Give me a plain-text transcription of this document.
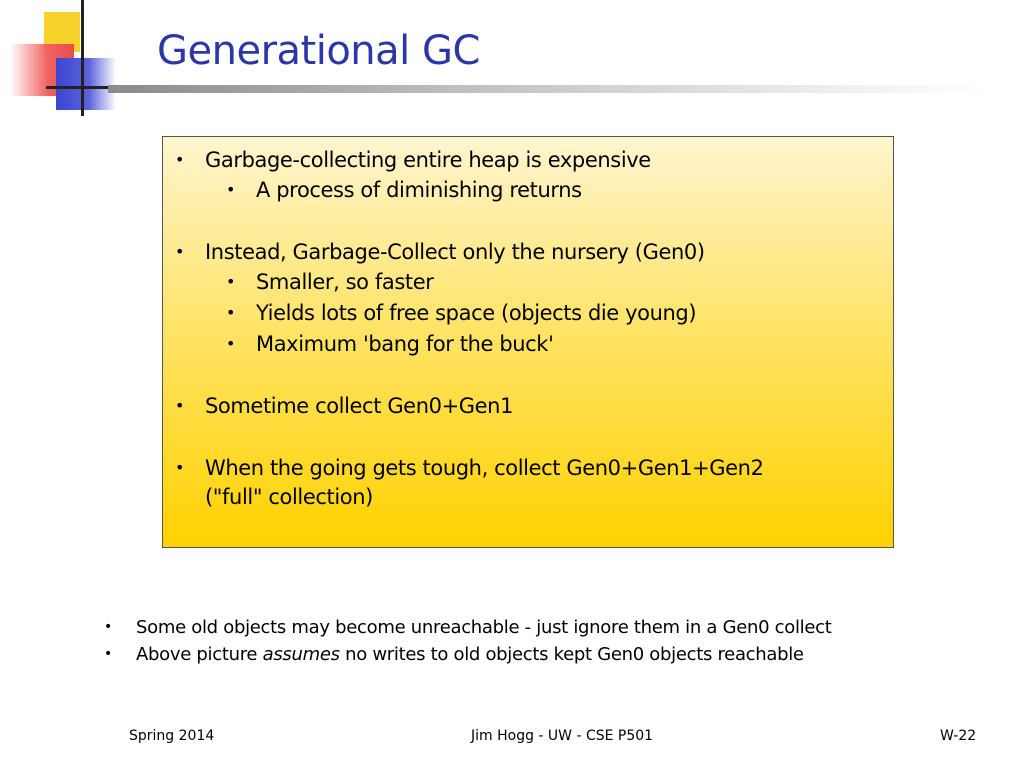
Generational GC
• Garbage-collecting entire heap is expensive
• A process of diminishing returns
• Instead, Garbage-Collect only the nursery (Gen0)
• Smaller, so faster
• Yields lots of free space (objects die young)
• Maximum 'bang for the buck'
• Sometime collect Gen0+Gen1
• When the going gets tough, collect Gen0+Gen1+Gen2
("full" collection)
• Some old objects may become unreachable - just ignore them in a Gen0 collect
• Above picture assumes no writes to old objects kept Gen0 objects reachable
Spring 2014	Jim Hogg - UW - CSE P501	W-22
